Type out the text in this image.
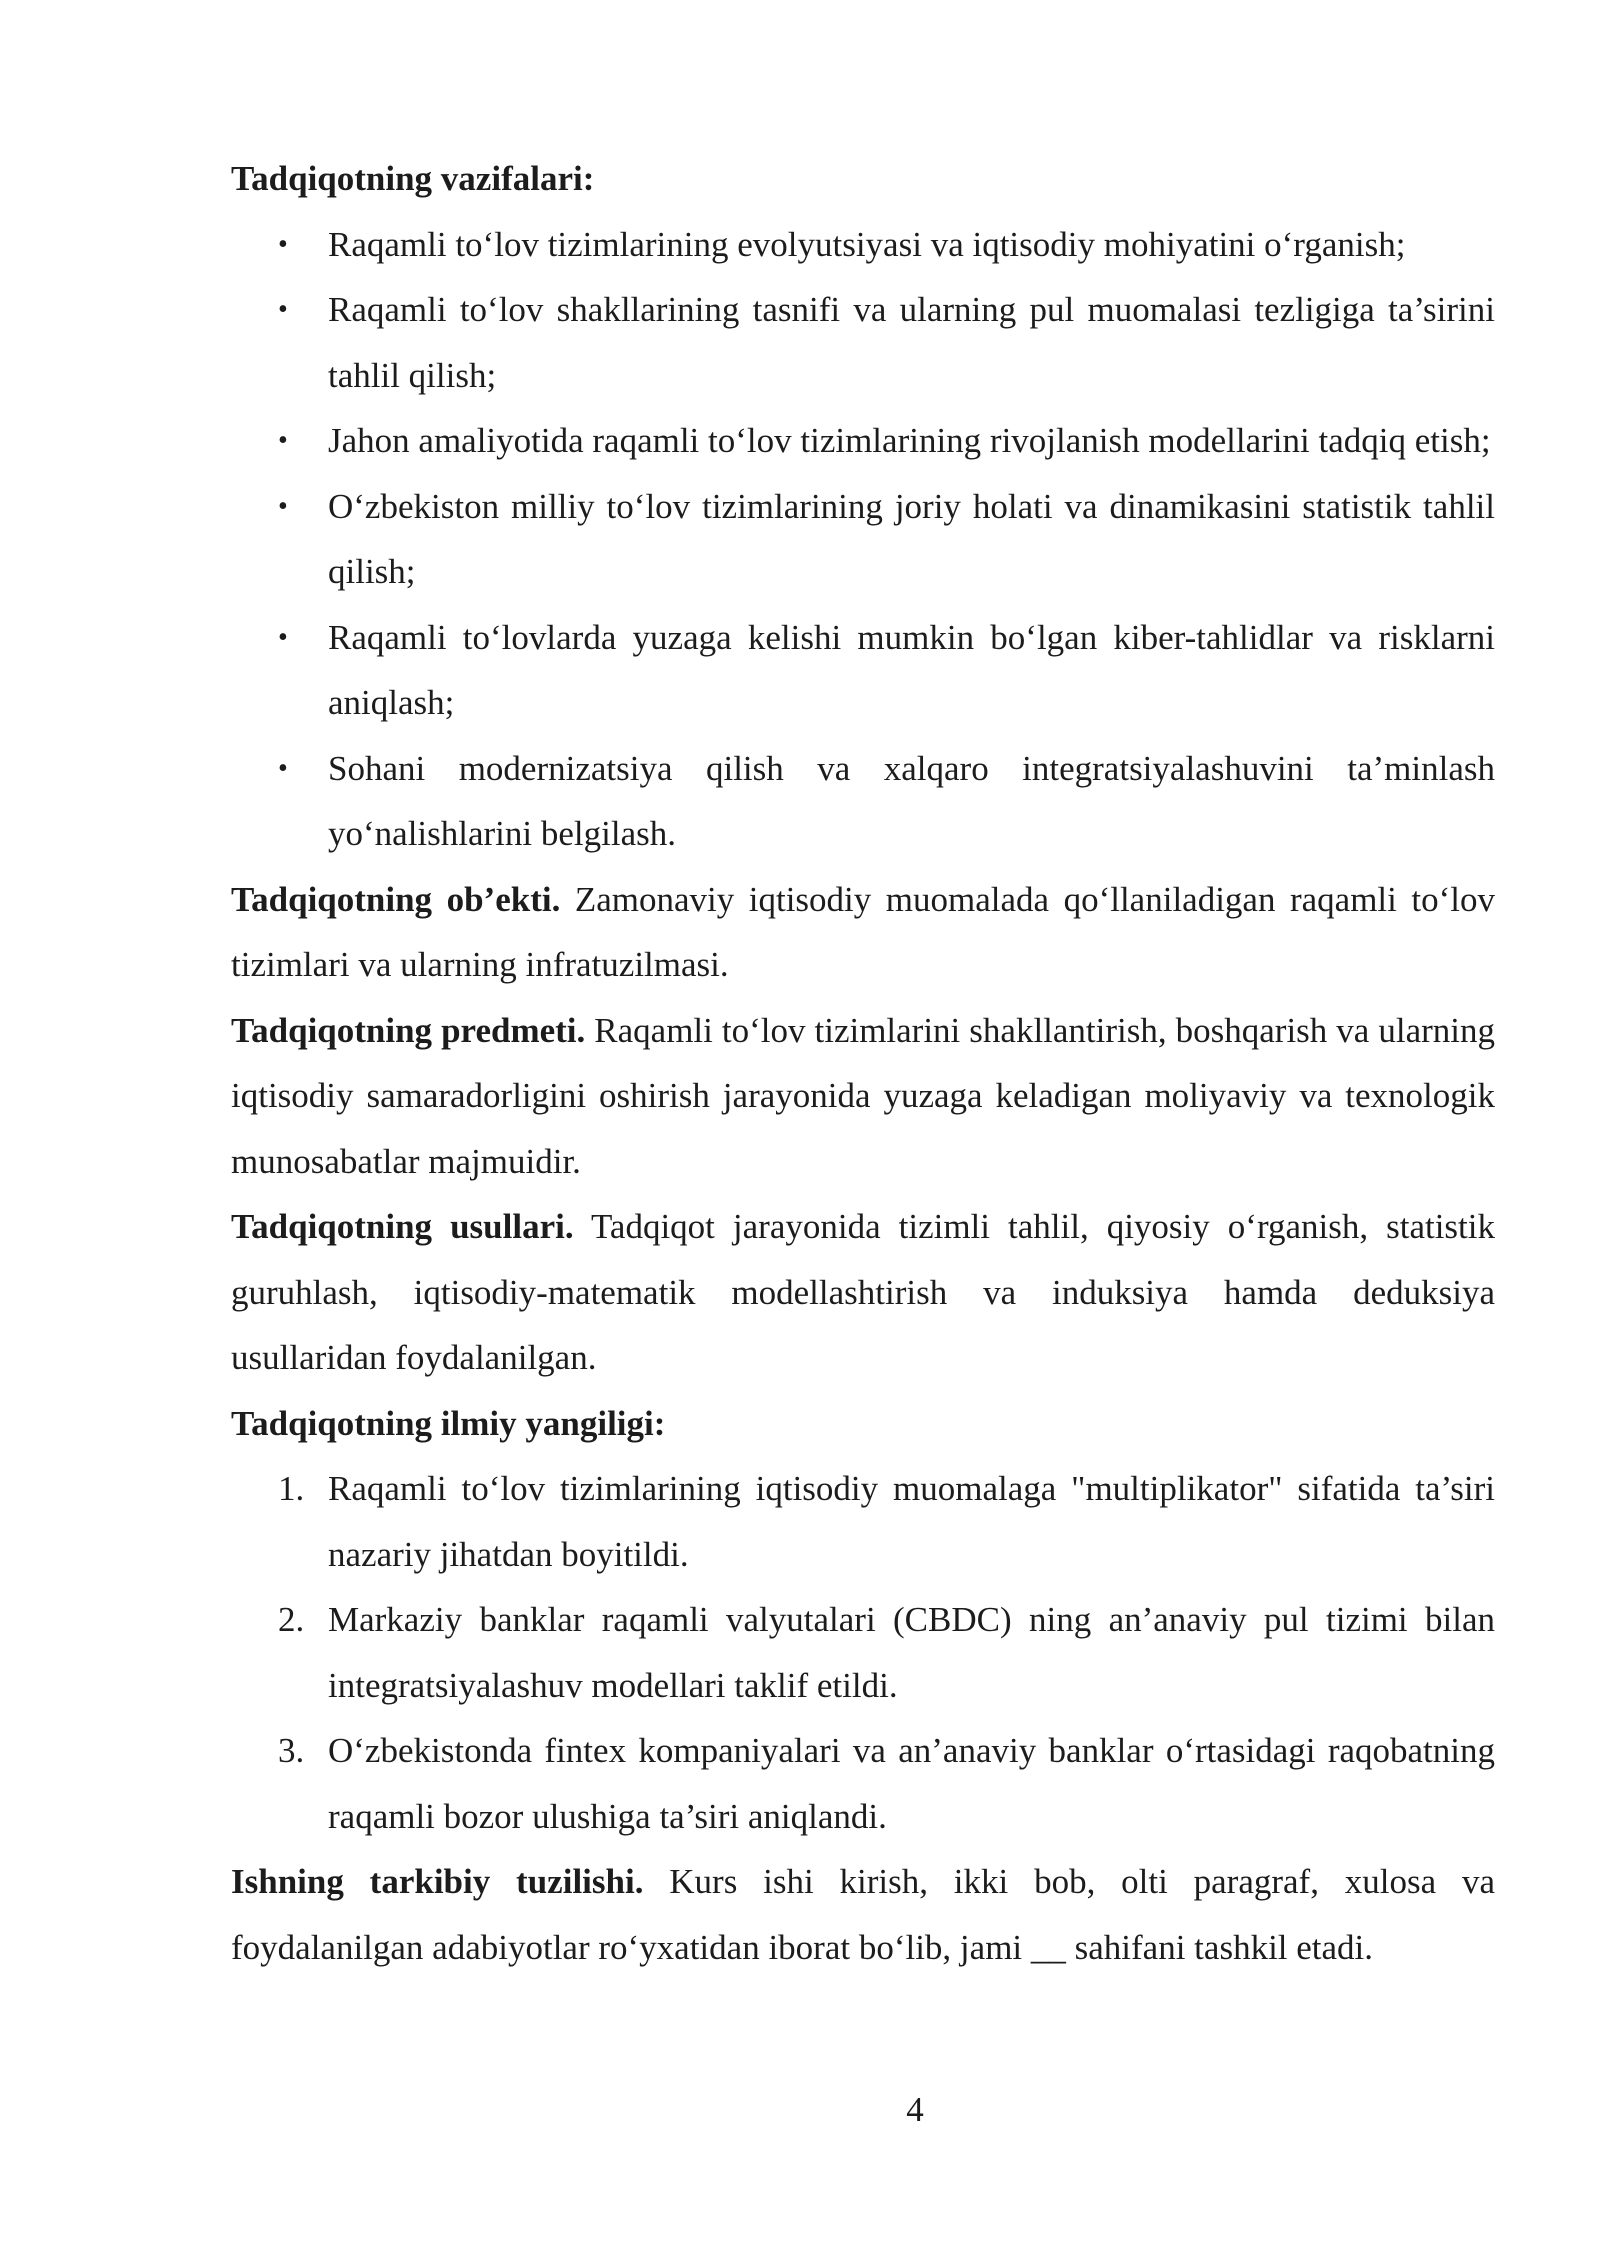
Tadqiqotning vazifalari:

• Raqamli to‘lov tizimlarining evolyutsiyasi va iqtisodiy mohiyatini o‘rganish;
• Raqamli to‘lov shakllarining tasnifi va ularning pul muomalasi tezligiga ta’sirini tahlil qilish;
• Jahon amaliyotida raqamli to‘lov tizimlarining rivojlanish modellarini tadqiq etish;
• O‘zbekiston milliy to‘lov tizimlarining joriy holati va dinamikasini statistik tahlil qilish;
• Raqamli to‘lovlarda yuzaga kelishi mumkin bo‘lgan kiber-tahlidlar va risklarni aniqlash;
• Sohani modernizatsiya qilish va xalqaro integratsiyalashuvini ta’minlash yo‘nalishlarini belgilash.

Tadqiqotning ob’ekti. Zamonaviy iqtisodiy muomalada qo‘llaniladigan raqamli to‘lov tizimlari va ularning infratuzilmasi.

Tadqiqotning predmeti. Raqamli to‘lov tizimlarini shakllantirish, boshqarish va ularning iqtisodiy samaradorligini oshirish jarayonida yuzaga keladigan moliyaviy va texnologik munosabatlar majmuidir.

Tadqiqotning usullari. Tadqiqot jarayonida tizimli tahlil, qiyosiy o‘rganish, statistik guruhlash, iqtisodiy-matematik modellashtirish va induksiya hamda deduksiya usullaridan foydalanilgan.

Tadqiqotning ilmiy yangiligi:

1. Raqamli to‘lov tizimlarining iqtisodiy muomalaga "multiplikator" sifatida ta’siri nazariy jihatdan boyitildi.
2. Markaziy banklar raqamli valyutalari (CBDC) ning an’anaviy pul tizimi bilan integratsiyalashuv modellari taklif etildi.
3. O‘zbekistonda fintex kompaniyalari va an’anaviy banklar o‘rtasidagi raqobatning raqamli bozor ulushiga ta’siri aniqlandi.

Ishning tarkibiy tuzilishi. Kurs ishi kirish, ikki bob, olti paragraf, xulosa va foydalanilgan adabiyotlar ro‘yxatidan iborat bo‘lib, jami __ sahifani tashkil etadi.

4
